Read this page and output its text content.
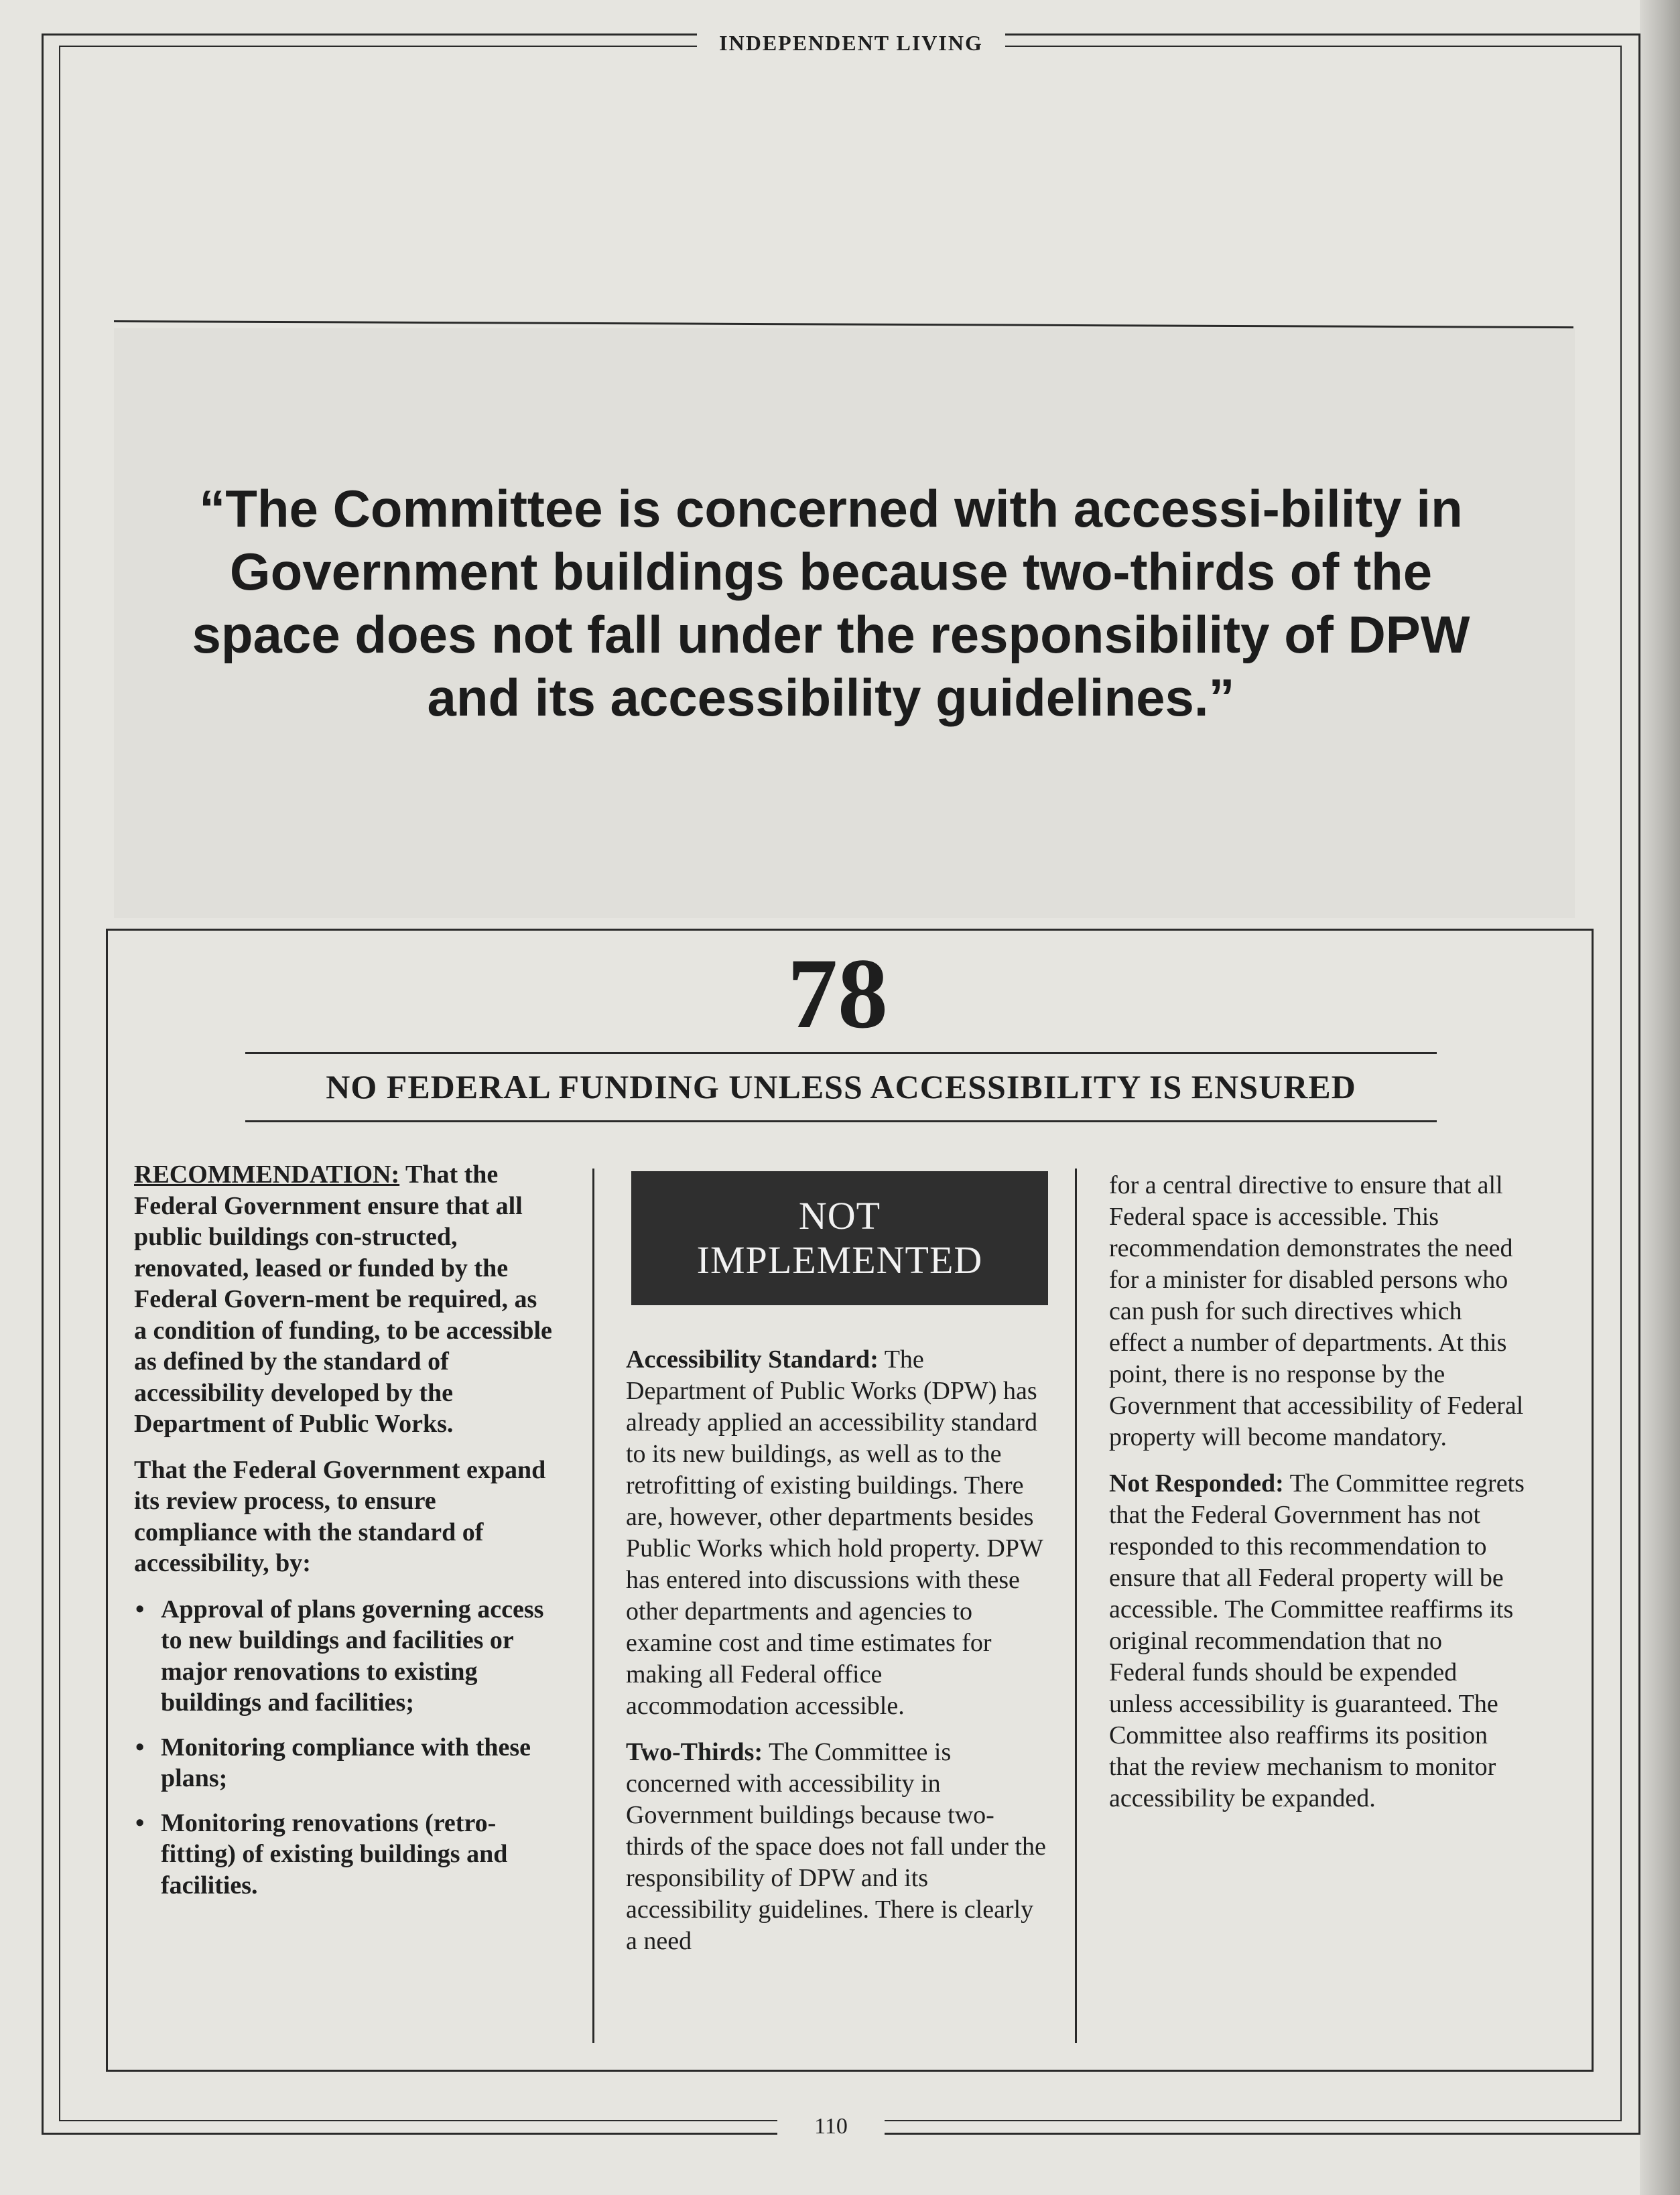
INDEPENDENT LIVING
“The Committee is concerned with accessi-bility in Government buildings because two-thirds of the space does not fall under the responsibility of DPW and its accessibility guidelines.”
78
NO FEDERAL FUNDING UNLESS ACCESSIBILITY IS ENSURED

RECOMMENDATION: That the Federal Government ensure that all public buildings con-structed, renovated, leased or funded by the Federal Govern-ment be required, as a condition of funding, to be accessible as defined by the standard of accessibility developed by the Department of Public Works.

That the Federal Government expand its review process, to ensure compliance with the standard of accessibility, by:

• Approval of plans governing access to new buildings and facilities or major renovations to existing buildings and facilities;
• Monitoring compliance with these plans;
• Monitoring renovations (retro-fitting) of existing buildings and facilities.
NOT
IMPLEMENTED

Accessibility Standard: The Department of Public Works (DPW) has already applied an accessibility standard to its new buildings, as well as to the retrofitting of existing buildings. There are, however, other departments besides Public Works which hold property. DPW has entered into discussions with these other departments and agencies to examine cost and time estimates for making all Federal office accommodation accessible.

Two-Thirds: The Committee is concerned with accessibility in Government buildings because two-thirds of the space does not fall under the responsibility of DPW and its accessibility guidelines. There is clearly a need

for a central directive to ensure that all Federal space is accessible. This recommendation demonstrates the need for a minister for disabled persons who can push for such directives which effect a number of departments. At this point, there is no response by the Government that accessibility of Federal property will become mandatory.

Not Responded: The Committee regrets that the Federal Government has not responded to this recommendation to ensure that all Federal property will be accessible. The Committee reaffirms its original recommendation that no Federal funds should be expended unless accessibility is guaranteed. The Committee also reaffirms its position that the review mechanism to monitor accessibility be expanded.

110
